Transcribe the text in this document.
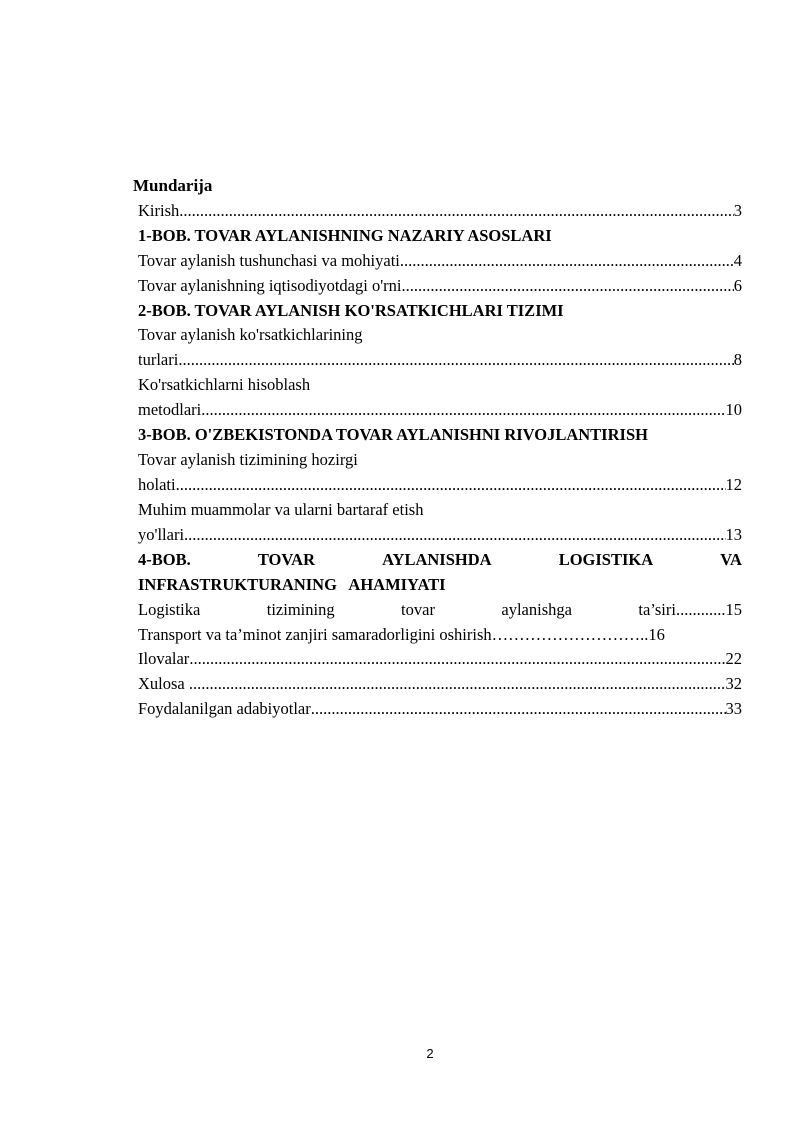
Mundarija
Kirish .....	3
1-BOB. TOVAR AYLANISHNING NAZARIY ASOSLARI
Tovar aylanish tushunchasi va mohiyati .....	4
Tovar aylanishning iqtisodiyotdagi o'rni .....	6
2-BOB. TOVAR AYLANISH KO'RSATKICHLARI TIZIMI
Tovar aylanish ko'rsatkichlarining
turlari .....	8
Ko'rsatkichlarni hisoblash
metodlari .....	10
3-BOB. O'ZBEKISTONDA TOVAR AYLANISHNI RIVOJLANTIRISH
Tovar aylanish tizimining hozirgi
holati .....	12
Muhim muammolar va ularni bartaraf etish
yo'llari .....	13
4-BOB.	TOVAR	AYLANISHDA	LOGISTIKA	VA
INFRASTRUKTURANING   AHAMIYATI
Logistika	tizimining	tovar	aylanishga	ta’siri............15
Transport va ta’minot zanjiri samaradorligini oshirish………………………..16
Ilovalar .....	22
Xulosa .....	32
Foydalanilgan adabiyotlar .....	33
2
